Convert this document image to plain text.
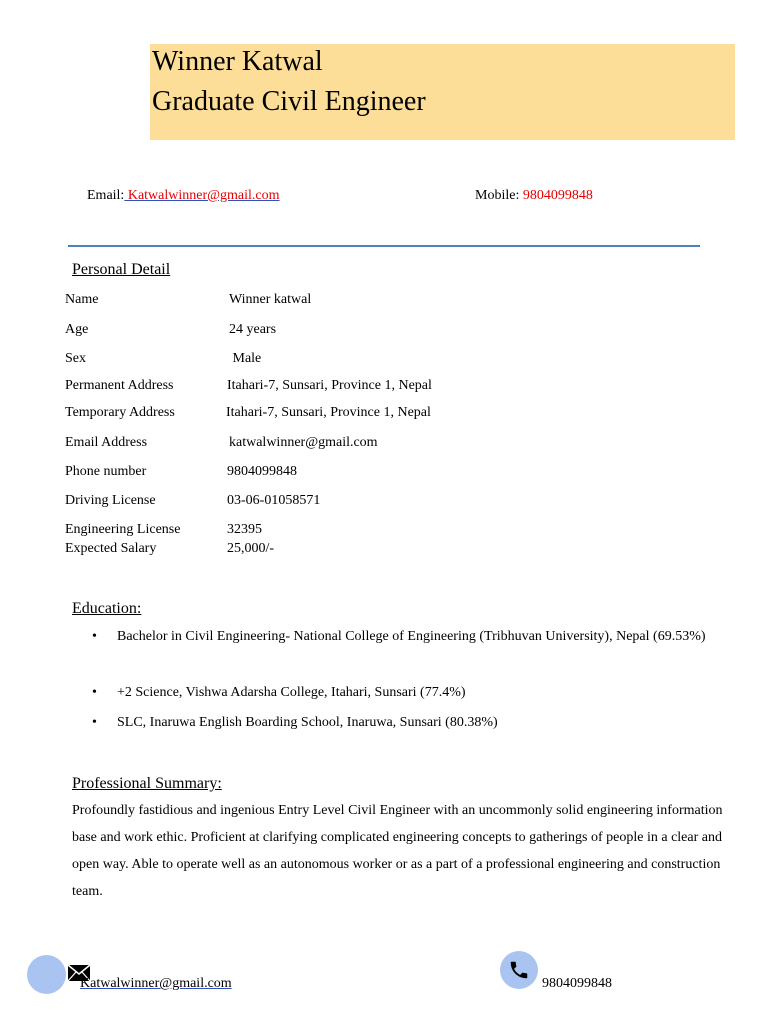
Winner Katwal
Graduate Civil Engineer
Email: Katwalwinner@gmail.com	Mobile: 9804099848
Personal Detail
Name	Winner katwal
Age	24 years
Sex	Male
Permanent Address	Itahari-7, Sunsari, Province 1, Nepal
Temporary Address	Itahari-7, Sunsari, Province 1, Nepal
Email Address	katwalwinner@gmail.com
Phone number	9804099848
Driving License	03-06-01058571
Engineering License	32395
Expected Salary	25,000/-
Education:
• Bachelor in Civil Engineering- National College of Engineering (Tribhuvan University), Nepal (69.53%)
• +2 Science, Vishwa Adarsha College, Itahari, Sunsari (77.4%)
• SLC, Inaruwa English Boarding School, Inaruwa, Sunsari (80.38%)
Professional Summary:
Profoundly fastidious and ingenious Entry Level Civil Engineer with an uncommonly solid engineering information base and work ethic. Proficient at clarifying complicated engineering concepts to gatherings of people in a clear and open way. Able to operate well as an autonomous worker or as a part of a professional engineering and construction team.
Katwalwinner@gmail.com	9804099848
